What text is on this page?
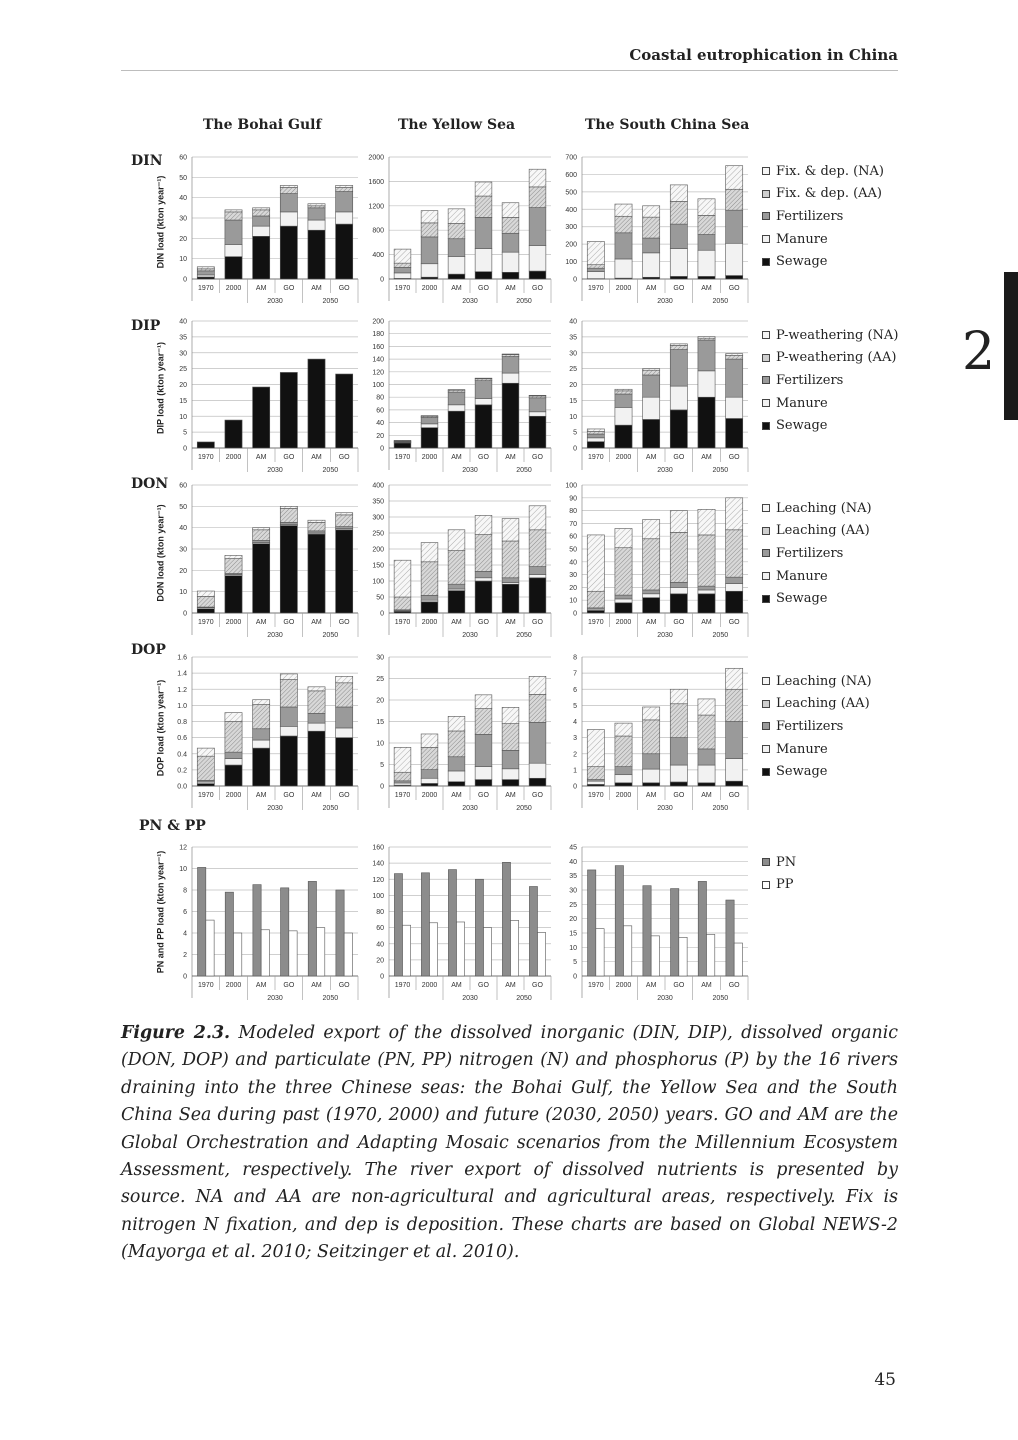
Coastal eutrophication in China
2
The Bohai Gulf	The Yellow Sea	The South China Sea
DIN
DIP
DON
DOP
PN & PP
DIN load (kton year⁻¹)
DIP load (kton year⁻¹)
DON load (kton year⁻¹)
DOP load (kton year⁻¹)
PN and PP load (kton year⁻¹)
0
10
20
30
40
50
60
1970 2000 AM GO AM GO
2030	2050
0
400
800
1200
1600
2000
1970 2000 AM GO AM GO
2030	2050
0
100
200
300
400
500
600
700
1970 2000 AM GO AM GO
2030	2050
0
5
10
15
20
25
30
35
40
1970 2000 AM GO AM GO
2030	2050
0
20
40
60
80
100
120
140
160
180
200
1970 2000 AM GO AM GO
2030	2050
0
5
10
15
20
25
30
35
40
1970 2000 AM GO AM GO
2030	2050
0
10
20
30
40
50
60
1970 2000 AM GO AM GO
2030	2050
0
50
100
150
200
250
300
350
400
1970 2000 AM GO AM GO
2030	2050
0
10
20
30
40
50
60
70
80
90
100
1970 2000 AM GO AM GO
2030	2050
0.0
0.2
0.4
0.6
0.8
1.0
1.2
1.4
1.6
1970 2000 AM GO AM GO
2030	2050
0
5
10
15
20
25
30
1970 2000 AM GO AM GO
2030	2050
0
1
2
3
4
5
6
7
8
1970 2000 AM GO AM GO
2030	2050
0
2
4
6
8
10
12
1970 2000 AM GO AM GO
2030	2050
0
20
40
60
80
100
120
140
160
1970 2000 AM GO AM GO
2030	2050
0
5
10
15
20
25
30
35
40
45
1970 2000 AM GO AM GO
2030	2050
Fix. & dep. (NA)
Fix. & dep. (AA)
Fertilizers
Manure
Sewage
P-weathering (NA)
P-weathering (AA)
Fertilizers
Manure
Sewage
Leaching (NA)
Leaching (AA)
Fertilizers
Manure
Sewage
Leaching (NA)
Leaching (AA)
Fertilizers
Manure
Sewage
PN
PP
Figure 2.3. Modeled export of the dissolved inorganic (DIN, DIP), dissolved organic (DON, DOP) and particulate (PN, PP) nitrogen (N) and phosphorus (P) by the 16 rivers draining into the three Chinese seas: the Bohai Gulf, the Yellow Sea and the South China Sea during past (1970, 2000) and future (2030, 2050) years. GO and AM are the Global Orchestration and Adapting Mosaic scenarios from the Millennium Ecosystem Assessment, respectively. The river export of dissolved nutrients is presented by source. NA and AA are non-agricultural and agricultural areas, respectively. Fix is nitrogen N fixation, and dep is deposition. These charts are based on Global NEWS-2 (Mayorga et al. 2010; Seitzinger et al. 2010).
45
